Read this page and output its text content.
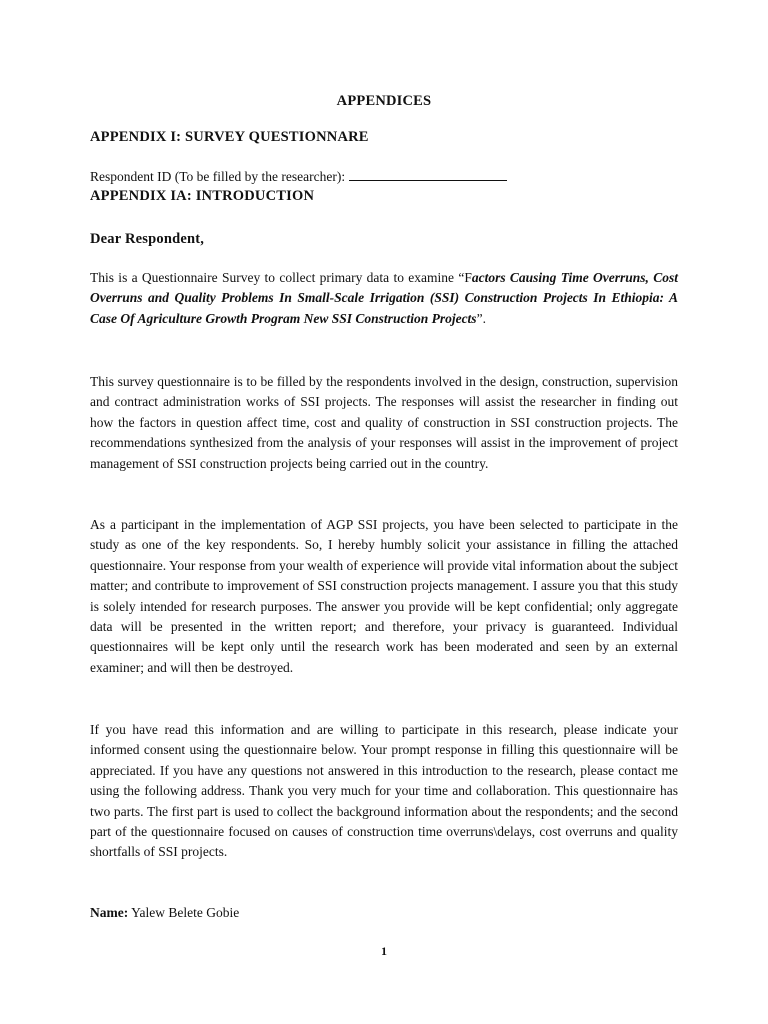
APPENDICES
APPENDIX I: SURVEY QUESTIONNARE
Respondent ID (To be filled by the researcher):
APPENDIX IA: INTRODUCTION
Dear Respondent,
This is a Questionnaire Survey to collect primary data to examine “Factors Causing Time Overruns, Cost Overruns and Quality Problems In Small-Scale Irrigation (SSI) Construction Projects In Ethiopia: A Case Of Agriculture Growth Program New SSI Construction Projects”.
This survey questionnaire is to be filled by the respondents involved in the design, construction, supervision and contract administration works of SSI projects. The responses will assist the researcher in finding out how the factors in question affect time, cost and quality of construction in SSI construction projects. The recommendations synthesized from the analysis of your responses will assist in the improvement of project management of SSI construction projects being carried out in the country.
As a participant in the implementation of AGP SSI projects, you have been selected to participate in the study as one of the key respondents. So, I hereby humbly solicit your assistance in filling the attached questionnaire. Your response from your wealth of experience will provide vital information about the subject matter; and contribute to improvement of SSI construction projects management. I assure you that this study is solely intended for research purposes. The answer you provide will be kept confidential; only aggregate data will be presented in the written report; and therefore, your privacy is guaranteed. Individual questionnaires will be kept only until the research work has been moderated and seen by an external examiner; and will then be destroyed.
If you have read this information and are willing to participate in this research, please indicate your informed consent using the questionnaire below. Your prompt response in filling this questionnaire will be appreciated. If you have any questions not answered in this introduction to the research, please contact me using the following address. Thank you very much for your time and collaboration. This questionnaire has two parts. The first part is used to collect the background information about the respondents; and the second part of the questionnaire focused on causes of construction time overruns\delays, cost overruns and quality shortfalls of SSI projects.
Name: Yalew Belete Gobie
1
